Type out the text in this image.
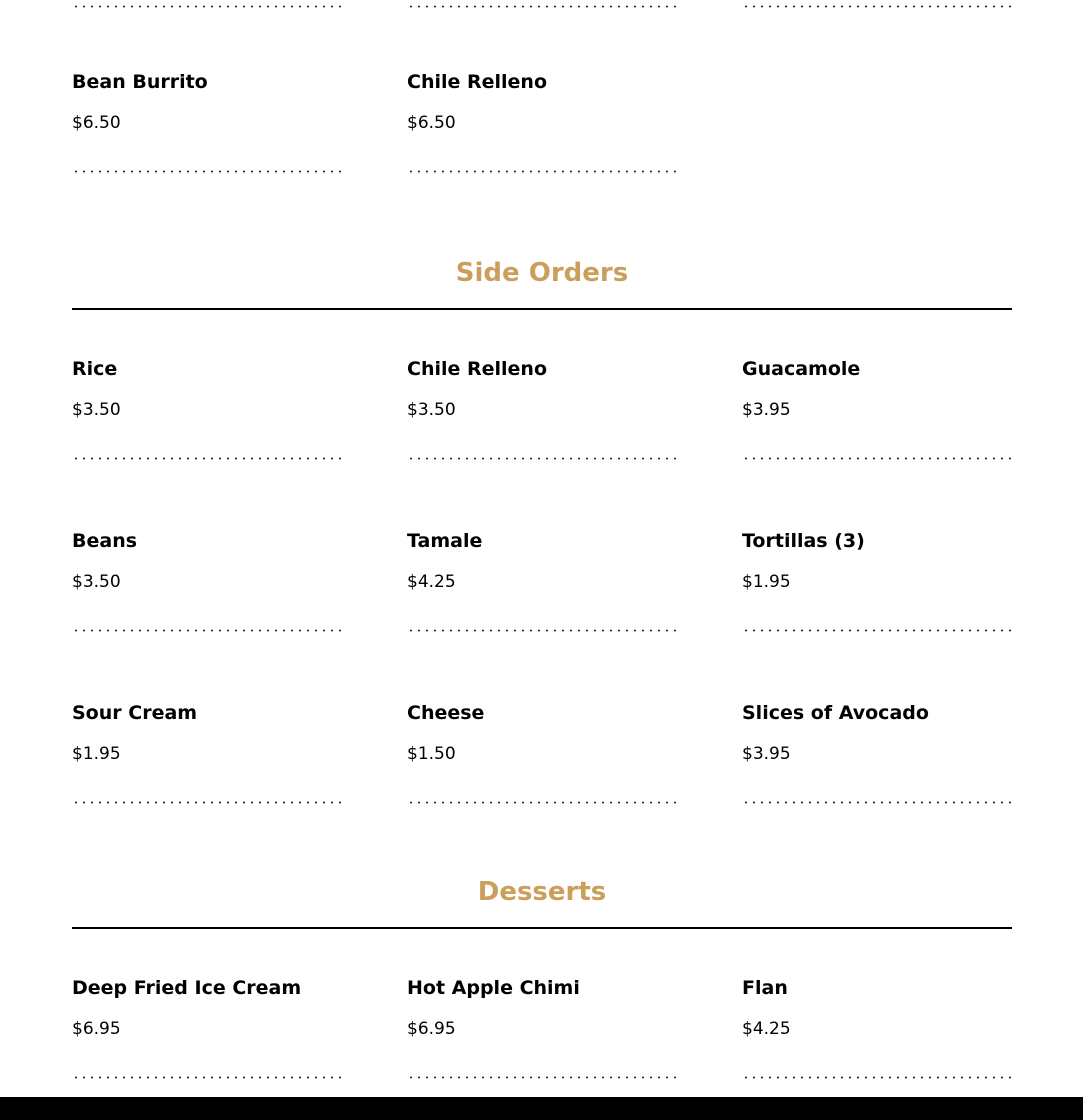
Bean Burrito
$6.50
Chile Relleno
$6.50
Side Orders
Rice
$3.50
Chile Relleno
$3.50
Guacamole
$3.95
Beans
$3.50
Tamale
$4.25
Tortillas (3)
$1.95
Sour Cream
$1.95
Cheese
$1.50
Slices of Avocado
$3.95
Desserts
Deep Fried Ice Cream
$6.95
Hot Apple Chimi
$6.95
Flan
$4.25
